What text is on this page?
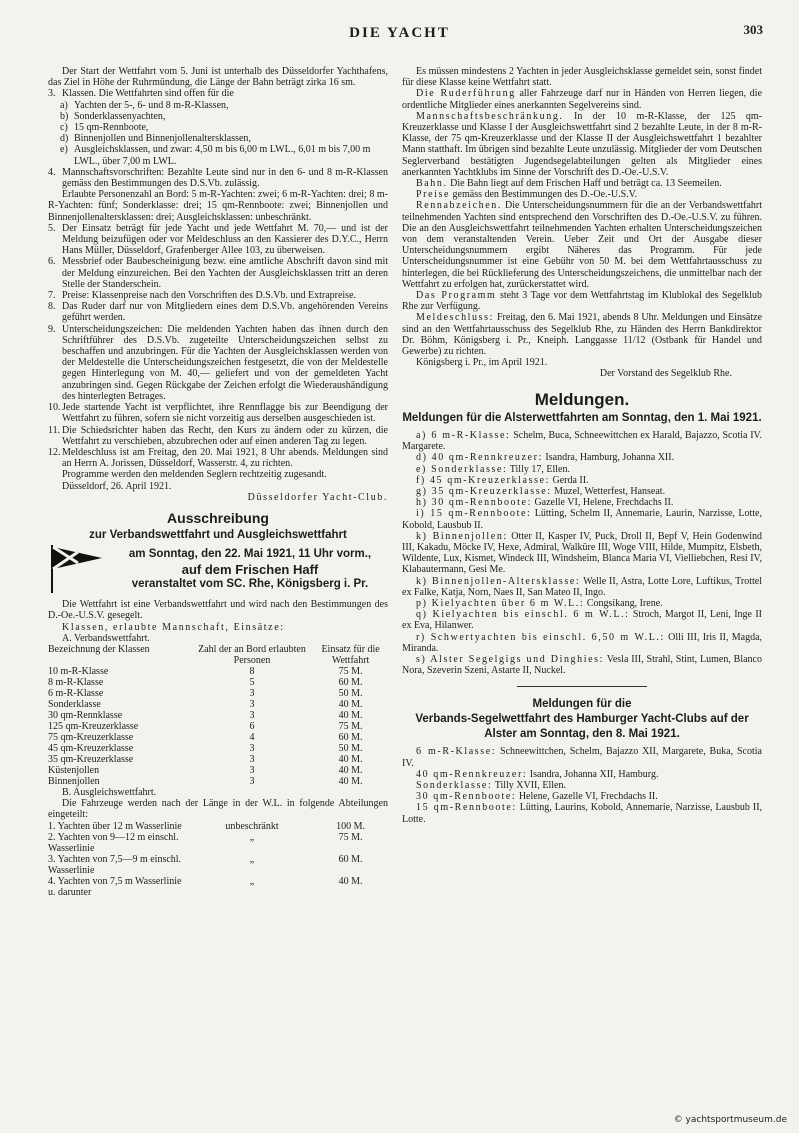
DIE YACHT	303

Der Start der Wettfahrt vom 5. Juni ist unterhalb des Düsseldorfer Yachthafens, das Ziel in Höhe der Ruhrmündung, die Länge der Bahn beträgt zirka 16 sm.

3. Klassen. Die Wettfahrten sind offen für die
a) Yachten der 5-, 6- und 8 m-R-Klassen,
b) Sonderklassenyachten,
c) 15 qm-Rennboote,
d) Binnenjollen und Binnenjollenaltersklassen,
e) Ausgleichsklassen, und zwar: 4,50 m bis 6,00 m LWL., 6,01 m bis 7,00 m LWL., über 7,00 m LWL.
4. Mannschaftsvorschriften: Bezahlte Leute sind nur in den 6- und 8 m-R-Klassen gemäss den Bestimmungen des D.S.Vb. zulässig.

Erlaubte Personenzahl an Bord: 5 m-R-Yachten: zwei; 6 m-R-Yachten: drei; 8 m-R-Yachten: fünf; Sonderklasse: drei; 15 qm-Rennboote: zwei; Binnenjollen und Binnenjollenaltersklassen: drei; Ausgleichsklassen: unbeschränkt.

5. Der Einsatz beträgt für jede Yacht und jede Wettfahrt M. 70,— und ist der Meldung beizufügen oder vor Meldeschluss an den Kassierer des D.Y.C., Herrn Hans Müller, Düsseldorf, Grafenberger Allee 103, zu überweisen.
6. Messbrief oder Baubescheinigung bezw. eine amtliche Abschrift davon sind mit der Meldung einzureichen. Bei den Yachten der Ausgleichsklassen tritt an deren Stelle der Standerschein.
7. Preise: Klassenpreise nach den Vorschriften des D.S.Vb. und Extrapreise.
8. Das Ruder darf nur von Mitgliedern eines dem D.S.Vb. angehörenden Vereins geführt werden.
9. Unterscheidungszeichen: Die meldenden Yachten haben das ihnen durch den Schriftführer des D.S.Vb. zugeteilte Unterscheidungszeichen selbst zu beschaffen und anzubringen. Für die Yachten der Ausgleichsklassen werden von der Meldestelle die Unterscheidungszeichen festgesetzt, die von der Meldestelle gegen Hinterlegung von M. 40,— geliefert und von der gemeldeten Yacht anzubringen sind. Gegen Rückgabe der Zeichen erfolgt die Wiederaushändigung des hinterlegten Betrages.
10. Jede startende Yacht ist verpflichtet, ihre Rennflagge bis zur Beendigung der Wettfahrt zu führen, sofern sie nicht vorzeitig aus derselben ausgeschieden ist.
11. Die Schiedsrichter haben das Recht, den Kurs zu ändern oder zu kürzen, die Wettfahrt zu verschieben, abzubrechen oder auf einen anderen Tag zu legen.
12. Meldeschluss ist am Freitag, den 20. Mai 1921, 8 Uhr abends. Meldungen sind an Herrn A. Jorissen, Düsseldorf, Wasserstr. 4, zu richten.

Programme werden den meldenden Seglern rechtzeitig zugesandt.

Düsseldorf, 26. April 1921.

Düsseldorfer Yacht-Club.

Ausschreibung
zur Verbandswettfahrt und Ausgleichswettfahrt
am Sonntag, den 22. Mai 1921, 11 Uhr vorm.,
auf dem Frischen Haff
veranstaltet vom SC. Rhe, Königsberg i. Pr.

Die Wettfahrt ist eine Verbandswettfahrt und wird nach den Bestimmungen des D.-Oe.-U.S.V. gesegelt.

Klassen, erlaubte Mannschaft, Einsätze:

A. Verbandswettfahrt.

Bezeichnung der Klassen	Zahl der an Bord erlaubten Personen	Einsatz für die Wettfahrt
10 m-R-Klasse	8	75 M.
8 m-R-Klasse	5	60 M.
6 m-R-Klasse	3	50 M.
Sonderklasse	3	40 M.
30 qm-Rennklasse	3	40 M.
125 qm-Kreuzerklasse	6	75 M.
75 qm-Kreuzerklasse	4	60 M.
45 qm-Kreuzerklasse	3	50 M.
35 qm-Kreuzerklasse	3	40 M.
Küstenjollen	3	40 M.
Binnenjollen	3	40 M.

B. Ausgleichswettfahrt.

Die Fahrzeuge werden nach der Länge in der W.L. in folgende Abteilungen eingeteilt:

1. Yachten über 12 m Wasserlinie	unbeschränkt	100 M.
2. Yachten von 9—12 m einschl. Wasserlinie	„	75 M.
3. Yachten von 7,5—9 m einschl. Wasserlinie	„	60 M.
4. Yachten von 7,5 m Wasserlinie u. darunter	„	40 M.

Es müssen mindestens 2 Yachten in jeder Ausgleichsklasse gemeldet sein, sonst findet für diese Klasse keine Wettfahrt statt.

Die Ruderführung aller Fahrzeuge darf nur in Händen von Herren liegen, die ordentliche Mitglieder eines anerkannten Segelvereins sind.

Mannschaftsbeschränkung. In der 10 m-R-Klasse, der 125 qm-Kreuzerklasse und Klasse I der Ausgleichswettfahrt sind 2 bezahlte Leute, in der 8 m-R-Klasse, der 75 qm-Kreuzerklasse und der Klasse II der Ausgleichswettfahrt 1 bezahlter Mann statthaft. Im übrigen sind bezahlte Leute unzulässig. Mitglieder der vom Deutschen Seglerverband bestätigten Jugendsegelabteilungen gelten als Mitglieder eines anerkannten Yachtklubs im Sinne der Vorschrift des D.-Oe.-U.S.V.

Bahn. Die Bahn liegt auf dem Frischen Haff und beträgt ca. 13 Seemeilen.

Preise gemäss den Bestimmungen des D.-Oe.-U.S.V.

Rennabzeichen. Die Unterscheidungsnummern für die an der Verbandswettfahrt teilnehmenden Yachten sind entsprechend den Vorschriften des D.-Oe.-U.S.V. zu führen. Die an den Ausgleichswettfahrt teilnehmenden Yachten erhalten Unterscheidungszeichen von dem veranstaltenden Verein. Ueber Zeit und Ort der Ausgabe dieser Unterscheidungsnummern ergibt Näheres das Programm. Für jede Unterscheidungsnummer ist eine Gebühr von 50 M. bei dem Wettfahrtausschuss zu hinterlegen, die bei Rücklieferung des Unterscheidungszeichens, die unmittelbar nach der Wettfahrt zu erfolgen hat, zurückerstattet wird.

Das Programm steht 3 Tage vor dem Wettfahrtstag im Klublokal des Segelklub Rhe zur Verfügung.

Meldeschluss: Freitag, den 6. Mai 1921, abends 8 Uhr. Meldungen und Einsätze sind an den Wettfahrtausschuss des Segelklub Rhe, zu Händen des Herrn Bankdirektor Dr. Böhm, Königsberg i. Pr., Kneiph. Langgasse 11/12 (Ostbank für Handel und Gewerbe) zu richten.

Königsberg i. Pr., im April 1921.

Der Vorstand des Segelklub Rhe.

Meldungen.
Meldungen für die Alsterwettfahrten am Sonntag, den 1. Mai 1921.

a) 6 m-R-Klasse: Schelm, Buca, Schneewittchen ex Harald, Bajazzo, Scotia IV. Margarete.

d) 40 qm-Rennkreuzer: Isandra, Hamburg, Johanna XII.

e) Sonderklasse: Tilly 17, Ellen.

f) 45 qm-Kreuzerklasse: Gerda II.

g) 35 qm-Kreuzerklasse: Muzel, Wetterfest, Hanseat.

h) 30 qm-Rennboote: Gazelle VI, Helene, Frechdachs II.

i) 15 qm-Rennboote: Lütting, Schelm II, Annemarie, Laurin, Narzisse, Lotte, Kobold, Lausbub II.

k) Binnenjollen: Otter II, Kasper IV, Puck, Droll II, Bepf V, Hein Godenwind III, Kakadu, Möcke IV, Hexe, Admiral, Walküre III, Woge VIII, Hilde, Mumpitz, Elsbeth, Wildente, Lux, Kismet, Windeck III, Windsheim, Blanca Maria VI, Vielliebchen, Resi IV, Klabautermann, Gesi Me.

k) Binnenjollen-Altersklasse: Welle II, Astra, Lotte Lore, Luftikus, Trottel ex Falke, Katja, Norn, Naes II, San Mateo II, Ingo.

p) Kielyachten über 6 m W.L.: Congsikang, Irene.

q) Kielyachten bis einschl. 6 m W.L.: Stroch, Margot II, Leni, Inge II ex Eva, Hilanwer.

r) Schwertyachten bis einschl. 6,50 m W.L.: Olli III, Iris II, Magda, Miranda.

s) Alster Segelgigs und Dinghies: Vesla III, Strahl, Stint, Lumen, Blanco Nora, Szeverin Szeni, Astarte II, Nuckel.

Meldungen für die
Verbands-Segelwettfahrt des Hamburger Yacht-Clubs auf der Alster am Sonntag, den 8. Mai 1921.

6 m-R-Klasse: Schneewittchen, Schelm, Bajazzo XII, Margarete, Buka, Scotia IV.

40 qm-Rennkreuzer: Isandra, Johanna XII, Hamburg.

Sonderklasse: Tilly XVII, Ellen.

30 qm-Rennboote: Helene, Gazelle VI, Frechdachs II.

15 qm-Rennboote: Lütting, Laurins, Kobold, Annemarie, Narzisse, Lausbub II, Lotte.

© yachtsportmuseum.de
